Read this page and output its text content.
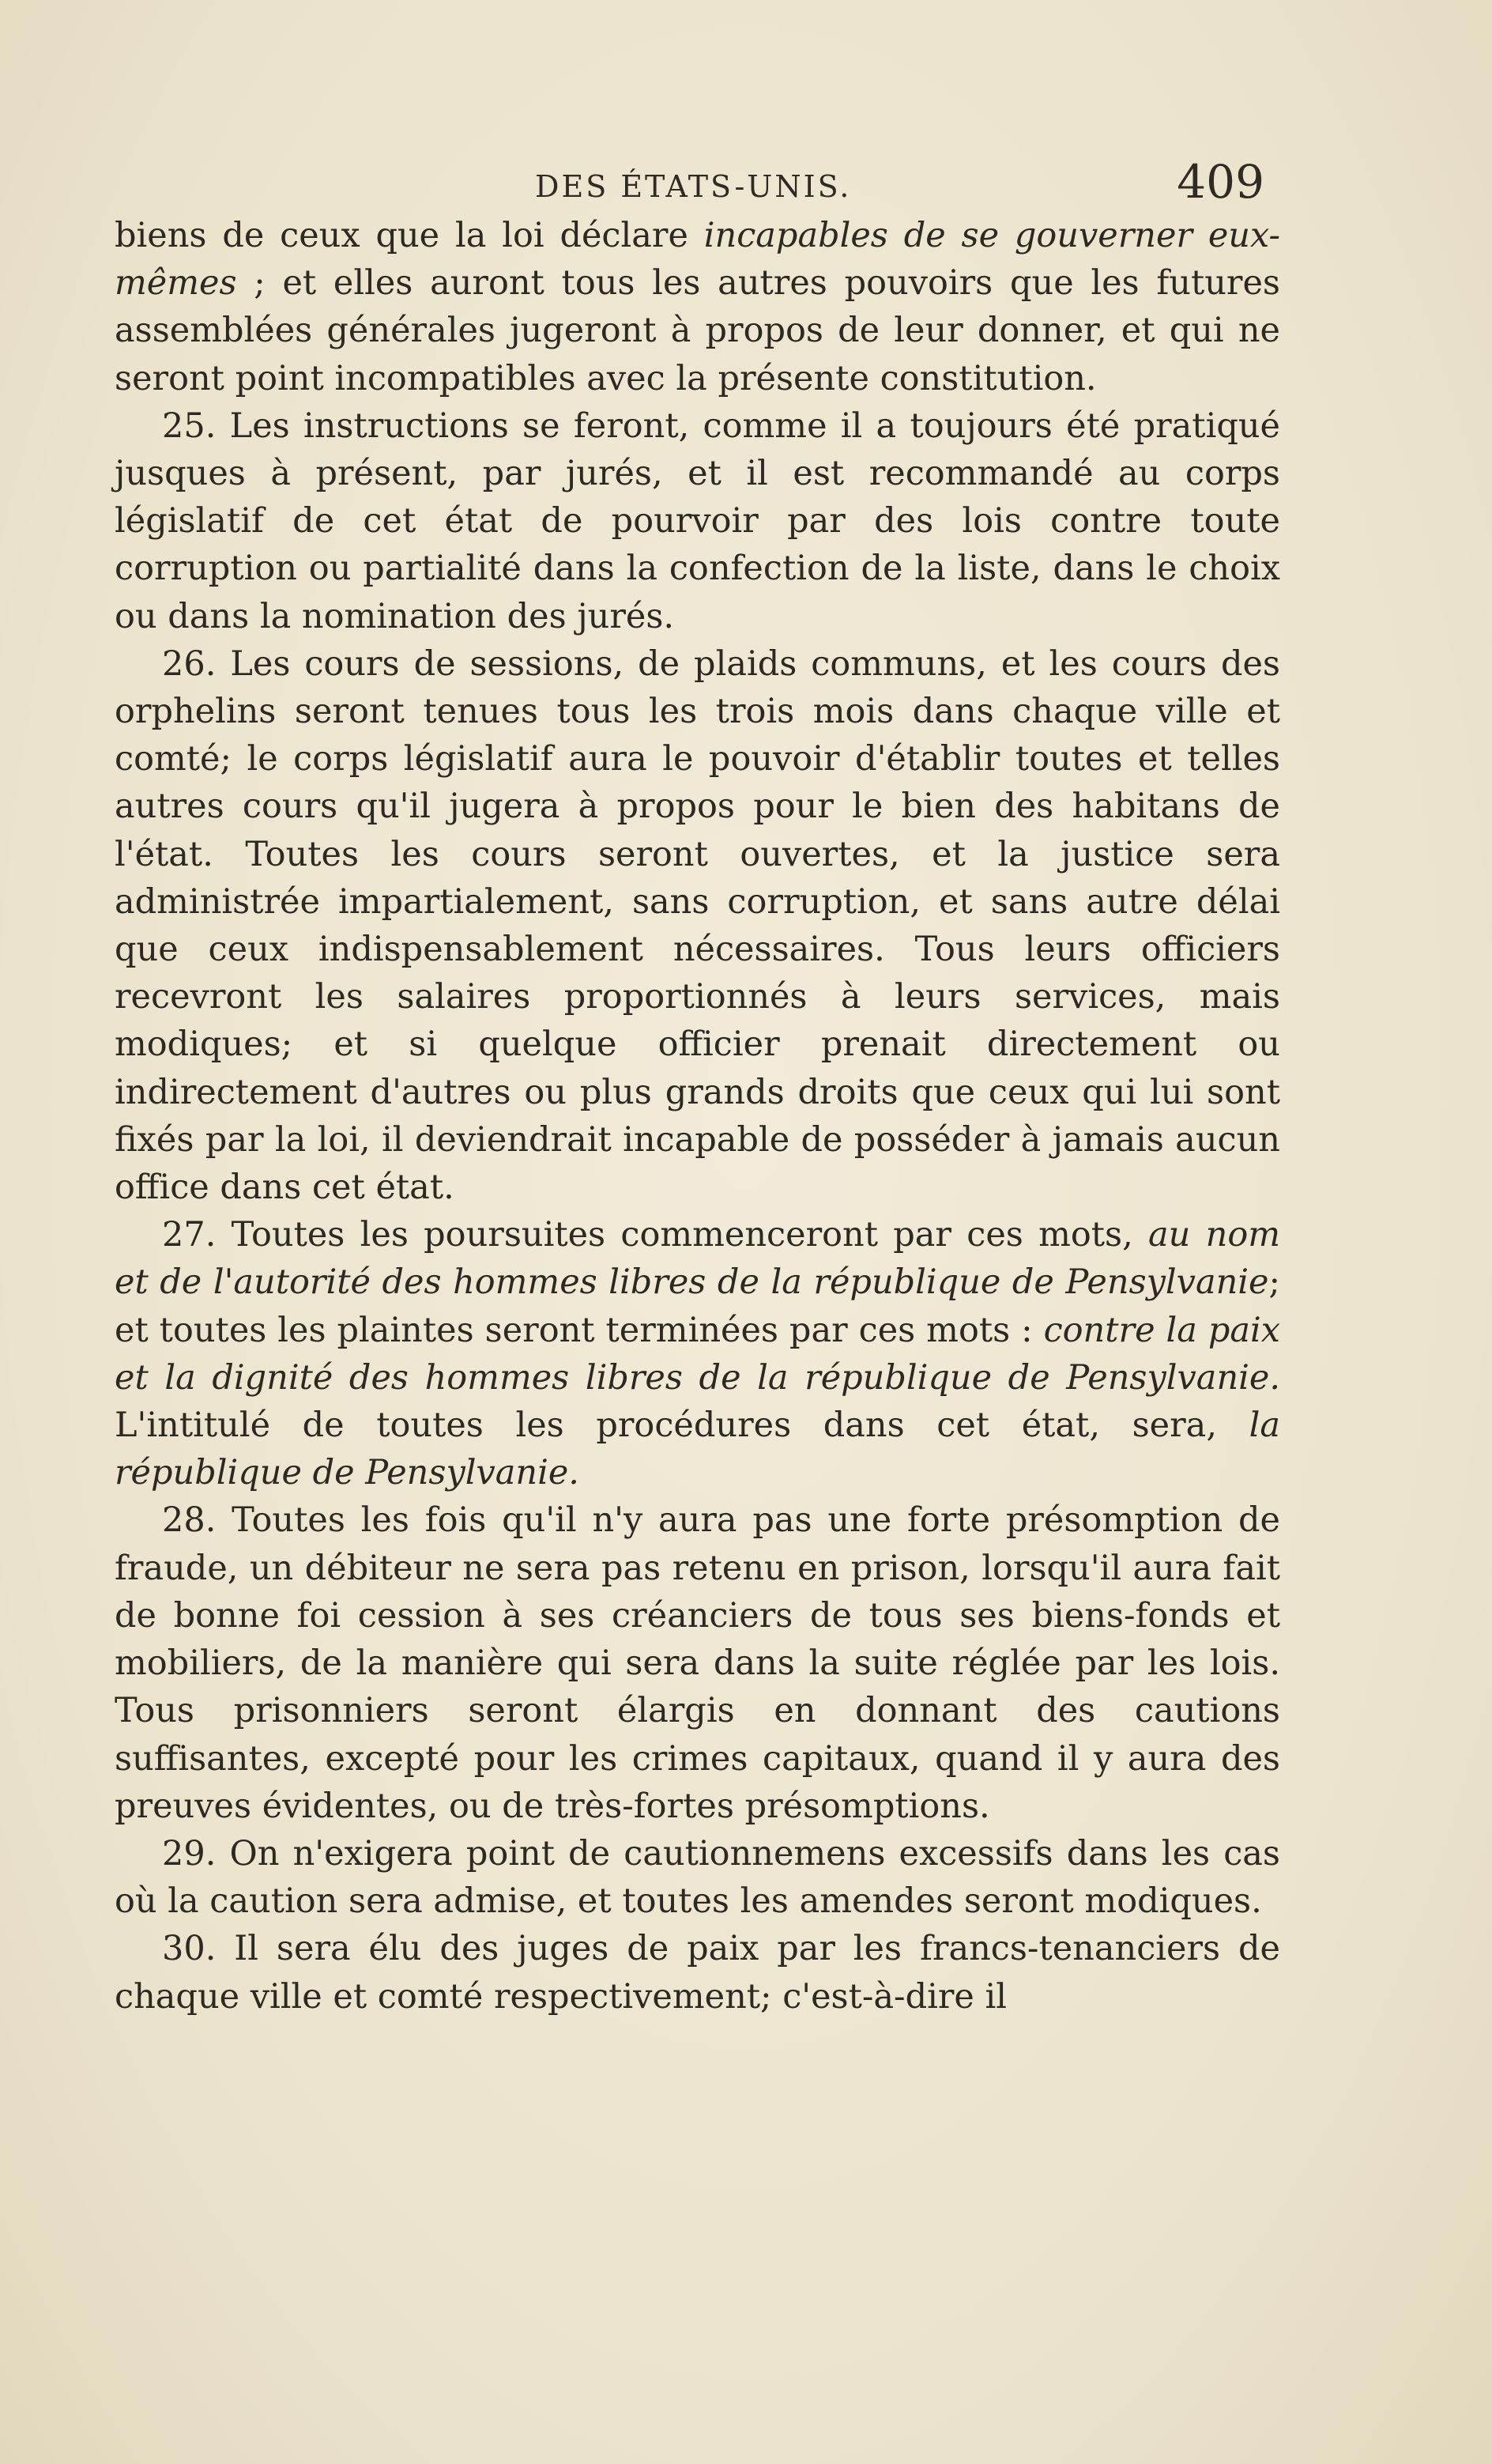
DES ÉTATS-UNIS.	409

biens de ceux que la loi déclare incapables de se gouverner eux-mêmes ; et elles auront tous les autres pouvoirs que les futures assemblées générales jugeront à propos de leur donner, et qui ne seront point incompatibles avec la présente constitution.

25. Les instructions se feront, comme il a toujours été pratiqué jusques à présent, par jurés, et il est recommandé au corps législatif de cet état de pourvoir par des lois contre toute corruption ou partialité dans la confection de la liste, dans le choix ou dans la nomination des jurés.

26. Les cours de sessions, de plaids communs, et les cours des orphelins seront tenues tous les trois mois dans chaque ville et comté; le corps législatif aura le pouvoir d'établir toutes et telles autres cours qu'il jugera à propos pour le bien des habitans de l'état. Toutes les cours seront ouvertes, et la justice sera administrée impartialement, sans corruption, et sans autre délai que ceux indispensablement nécessaires. Tous leurs officiers recevront les salaires proportionnés à leurs services, mais modiques; et si quelque officier prenait directement ou indirectement d'autres ou plus grands droits que ceux qui lui sont fixés par la loi, il deviendrait incapable de posséder à jamais aucun office dans cet état.

27. Toutes les poursuites commenceront par ces mots, au nom et de l'autorité des hommes libres de la république de Pensylvanie; et toutes les plaintes seront terminées par ces mots : contre la paix et la dignité des hommes libres de la république de Pensylvanie. L'intitulé de toutes les procédures dans cet état, sera, la république de Pensylvanie.

28. Toutes les fois qu'il n'y aura pas une forte présomption de fraude, un débiteur ne sera pas retenu en prison, lorsqu'il aura fait de bonne foi cession à ses créanciers de tous ses biens-fonds et mobiliers, de la manière qui sera dans la suite réglée par les lois. Tous prisonniers seront élargis en donnant des cautions suffisantes, excepté pour les crimes capitaux, quand il y aura des preuves évidentes, ou de très-fortes présomptions.

29. On n'exigera point de cautionnemens excessifs dans les cas où la caution sera admise, et toutes les amendes seront modiques.

30. Il sera élu des juges de paix par les francs-tenanciers de chaque ville et comté respectivement; c'est-à-dire il
